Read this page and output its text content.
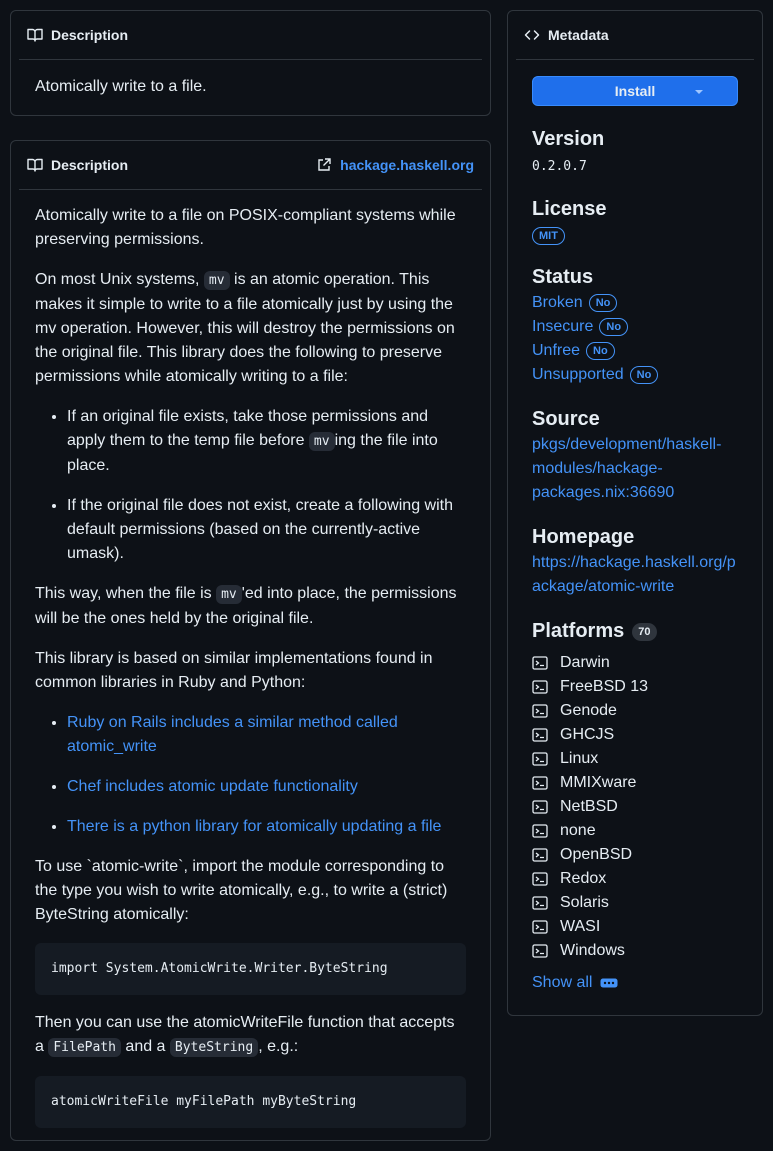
Description

Atomically write to a file.

Description	hackage.haskell.org

Atomically write to a file on POSIX-compliant systems while preserving permissions.

On most Unix systems, mv is an atomic operation. This makes it simple to write to a file atomically just by using the mv operation. However, this will destroy the permissions on the original file. This library does the following to preserve permissions while atomically writing to a file:

• If an original file exists, take those permissions and apply them to the temp file before mv ing the file into place.
• If the original file does not exist, create a following with default permissions (based on the currently-active umask).

This way, when the file is mv 'ed into place, the permissions will be the ones held by the original file.

This library is based on similar implementations found in common libraries in Ruby and Python:

• Ruby on Rails includes a similar method called atomic_write
• Chef includes atomic update functionality
• There is a python library for atomically updating a file

To use `atomic-write`, import the module corresponding to the type you wish to write atomically, e.g., to write a (strict) ByteString atomically:

import System.AtomicWrite.Writer.ByteString

Then you can use the atomicWriteFile function that accepts a FilePath and a ByteString , e.g.:

atomicWriteFile myFilePath myByteString
Metadata
Install
Version
0.2.0.7
License
MIT
Status
Broken	No
Insecure	No
Unfree	No
Unsupported	No
Source
pkgs/development/haskell-
modules/hackage-
packages.nix:36690
Homepage
https://hackage.haskell.org/p
ackage/atomic-write
Platforms 70
Darwin
FreeBSD 13
Genode
GHCJS
Linux
MMIXware
NetBSD
none
OpenBSD
Redox
Solaris
WASI
Windows
Show all
